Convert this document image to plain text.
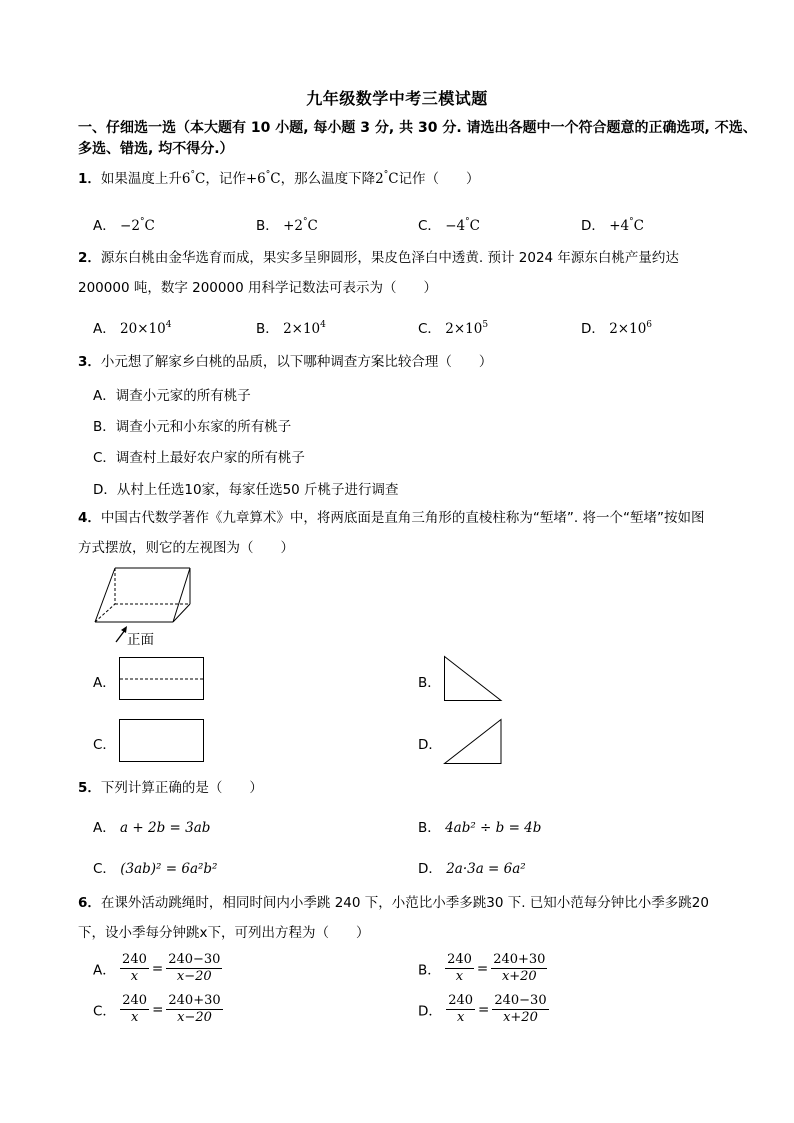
九年级数学中考三模试题
一、仔细选一选（本大题有 10 小题, 每小题 3 分, 共 30 分. 请选出各题中一个符合题意的正确选项, 不选、多选、错选, 均不得分.）
1．如果温度上升6°C，记作+6°C，那么温度下降2°C记作（　　）
A． −2°C	B． +2°C	C． −4°C	D． +4°C
2．源东白桃由金华选育而成，果实多呈卵圆形，果皮色泽白中透黄. 预计 2024 年源东白桃产量约达
200000 吨，数字 200000 用科学记数法可表示为（　　）
A． $20\times 10^4$	B． $2\times 10^4$	C． $2\times 10^5$	D． $2\times 10^6$
3．小元想了解家乡白桃的品质，以下哪种调查方案比较合理（　　）
A．调查小元家的所有桃子
B．调查小元和小东家的所有桃子
C．调查村上最好农户家的所有桃子
D．从村上任选10家，每家任选50 斤桃子进行调查
4．中国古代数学著作《九章算术》中，将两底面是直角三角形的直棱柱称为“堑堵”. 将一个“堑堵”按如图
方式摆放，则它的左视图为（　　）
正面
A．	B．
C．	D．
5．下列计算正确的是（　　）
A． a + 2b = 3ab	B． 4ab² ÷ b = 4b
C． (3ab)² = 6a²b²	D． 2a·3a = 6a²
6．在课外活动跳绳时，相同时间内小季跳 240 下，小范比小季多跳30 下. 已知小范每分钟比小季多跳20
下，设小季每分钟跳x下，可列出方程为（　　）
A． $\frac{240}{x} = \frac{240-30}{x-20}$	B． $\frac{240}{x} = \frac{240+30}{x+20}$
C． $\frac{240}{x} = \frac{240+30}{x-20}$	D． $\frac{240}{x} = \frac{240-30}{x+20}$
